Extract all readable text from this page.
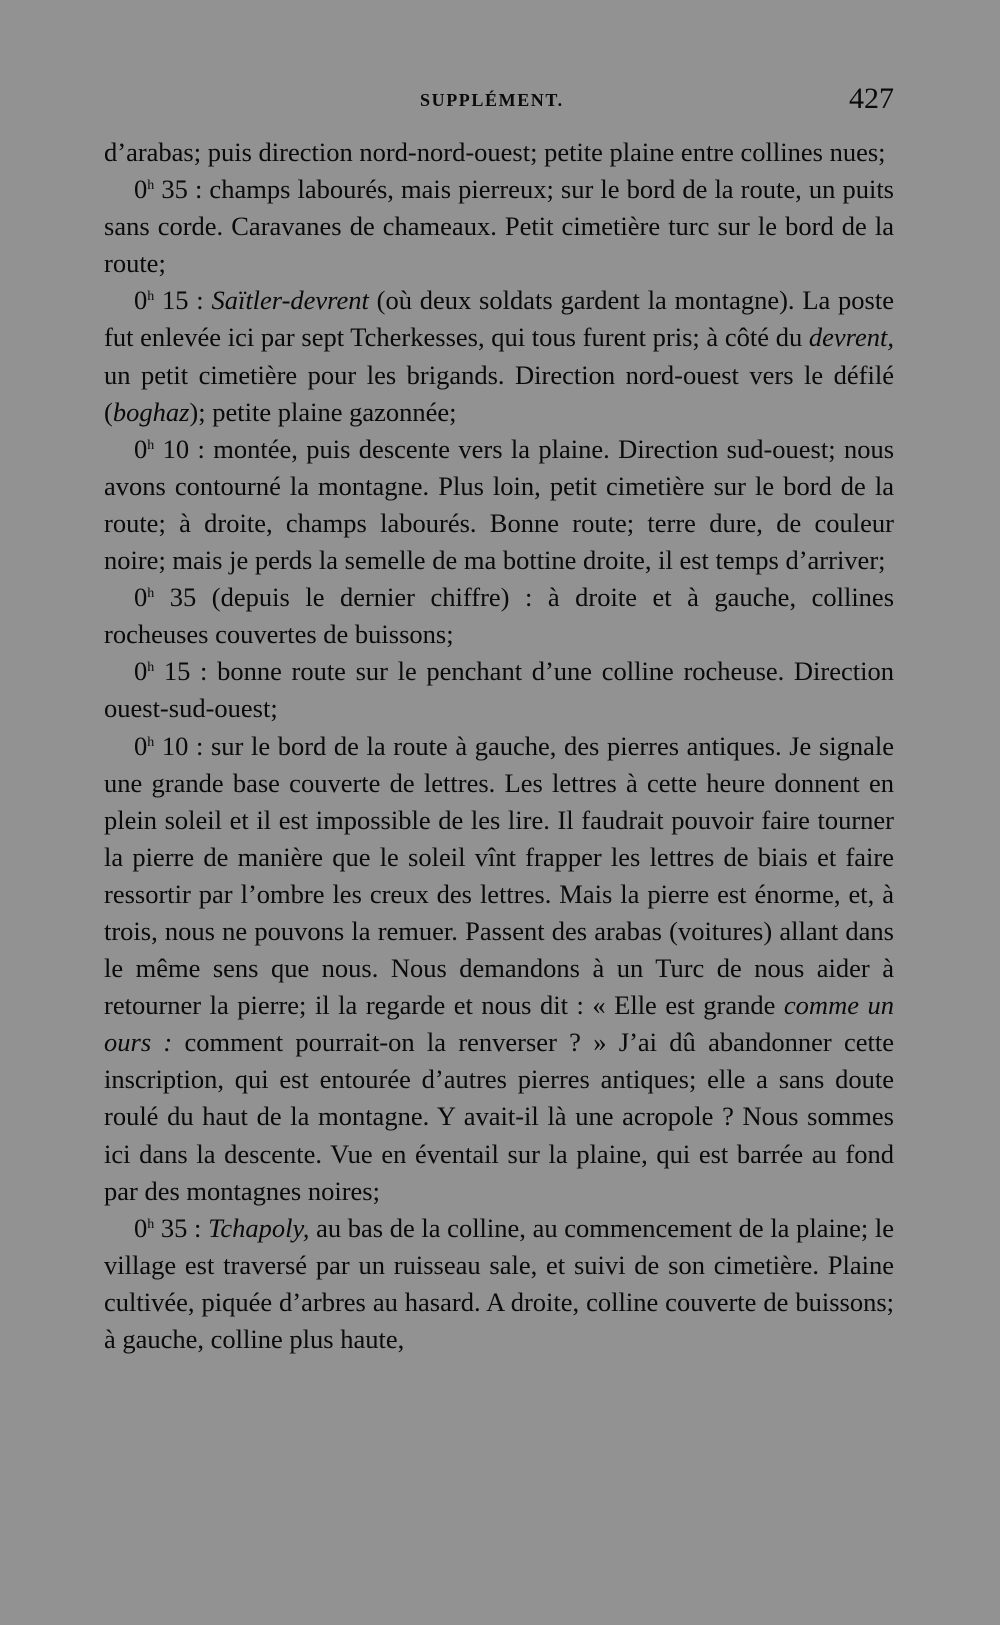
SUPPLÉMENT.	427

d’arabas; puis direction nord-nord-ouest; petite plaine entre collines nues;

0$^h$ 35 : champs labourés, mais pierreux; sur le bord de la route, un puits sans corde. Caravanes de chameaux. Petit cimetière turc sur le bord de la route;

0$^h$ 15 : Saïtler-devrent (où deux soldats gardent la montagne). La poste fut enlevée ici par sept Tcherkesses, qui tous furent pris; à côté du devrent, un petit cimetière pour les brigands. Direction nord-ouest vers le défilé (boghaz); petite plaine gazonnée;

0$^h$ 10 : montée, puis descente vers la plaine. Direction sud-ouest; nous avons contourné la montagne. Plus loin, petit cimetière sur le bord de la route; à droite, champs labourés. Bonne route; terre dure, de couleur noire; mais je perds la semelle de ma bottine droite, il est temps d’arriver;

0$^h$ 35 (depuis le dernier chiffre) : à droite et à gauche, collines rocheuses couvertes de buissons;

0$^h$ 15 : bonne route sur le penchant d’une colline rocheuse. Direction ouest-sud-ouest;

0$^h$ 10 : sur le bord de la route à gauche, des pierres antiques. Je signale une grande base couverte de lettres. Les lettres à cette heure donnent en plein soleil et il est impossible de les lire. Il faudrait pouvoir faire tourner la pierre de manière que le soleil vînt frapper les lettres de biais et faire ressortir par l’ombre les creux des lettres. Mais la pierre est énorme, et, à trois, nous ne pouvons la remuer. Passent des arabas (voitures) allant dans le même sens que nous. Nous demandons à un Turc de nous aider à retourner la pierre; il la regarde et nous dit : « Elle est grande comme un ours : comment pourrait-on la renverser ? » J’ai dû abandonner cette inscription, qui est entourée d’autres pierres antiques; elle a sans doute roulé du haut de la montagne. Y avait-il là une acropole ? Nous sommes ici dans la descente. Vue en éventail sur la plaine, qui est barrée au fond par des montagnes noires;

0$^h$ 35 : Tchapoly, au bas de la colline, au commencement de la plaine; le village est traversé par un ruisseau sale, et suivi de son cimetière. Plaine cultivée, piquée d’arbres au hasard. A droite, colline couverte de buissons; à gauche, colline plus haute,
